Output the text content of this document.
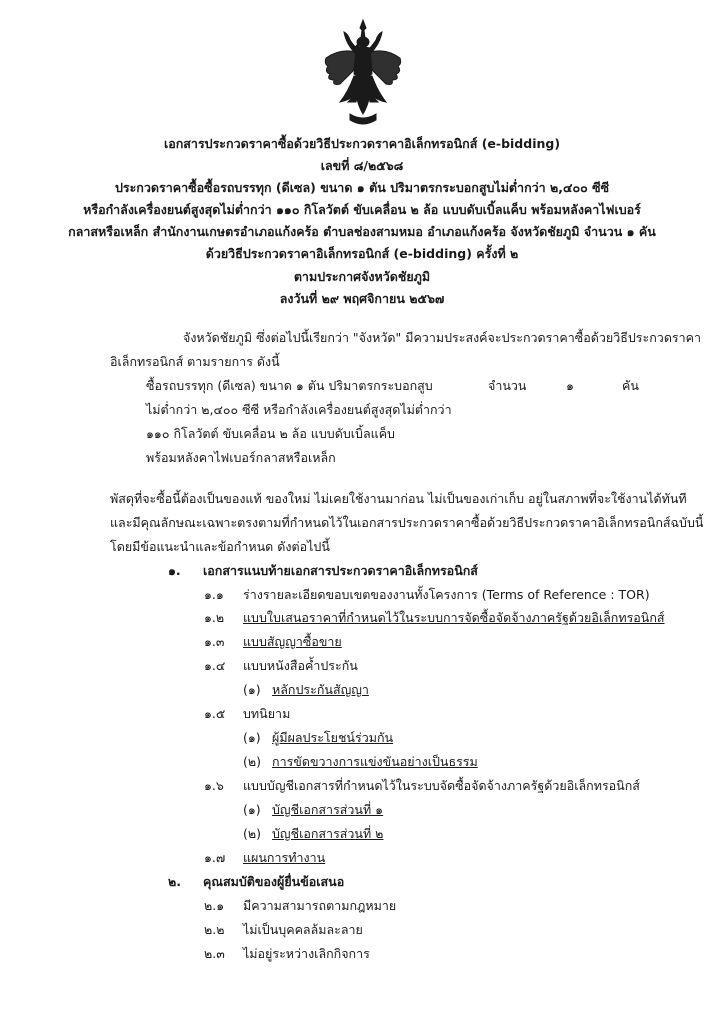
เอกสารประกวดราคาซื้อด้วยวิธีประกวดราคาอิเล็กทรอนิกส์ (e-bidding)
เลขที่ ๘/๒๕๖๘
ประกวดราคาซื้อซื้อรถบรรทุก (ดีเซล) ขนาด ๑ ตัน ปริมาตรกระบอกสูบไม่ต่ำกว่า ๒,๔๐๐ ซีซี
หรือกำลังเครื่องยนต์สูงสุดไม่ต่ำกว่า ๑๑๐ กิโลวัตต์ ขับเคลื่อน ๒ ล้อ แบบดับเบิ้ลแค็บ พร้อมหลังคาไฟเบอร์
กลาสหรือเหล็ก สำนักงานเกษตรอำเภอแก้งคร้อ ตำบลช่องสามหมอ อำเภอแก้งคร้อ จังหวัดชัยภูมิ จำนวน ๑ คัน
ด้วยวิธีประกวดราคาอิเล็กทรอนิกส์ (e-bidding) ครั้งที่ ๒
ตามประกาศจังหวัดชัยภูมิ
ลงวันที่ ๒๙ พฤศจิกายน ๒๕๖๗
จังหวัดชัยภูมิ ซึ่งต่อไปนี้เรียกว่า "จังหวัด" มีความประสงค์จะประกวดราคาซื้อด้วยวิธีประกวดราคา
อิเล็กทรอนิกส์ ตามรายการ ดังนี้
ซื้อรถบรรทุก (ดีเซล) ขนาด ๑ ตัน ปริมาตรกระบอกสูบ
ไม่ต่ำกว่า ๒,๔๐๐ ซีซี หรือกำลังเครื่องยนต์สูงสุดไม่ต่ำกว่า
๑๑๐ กิโลวัตต์ ขับเคลื่อน ๒ ล้อ แบบดับเบิ้ลแค็บ
พร้อมหลังคาไฟเบอร์กลาสหรือเหล็ก
จำนวน	๑	คัน
พัสดุที่จะซื้อนี้ต้องเป็นของแท้ ของใหม่ ไม่เคยใช้งานมาก่อน ไม่เป็นของเก่าเก็บ อยู่ในสภาพที่จะใช้งานได้ทันที
และมีคุณลักษณะเฉพาะตรงตามที่กำหนดไว้ในเอกสารประกวดราคาซื้อด้วยวิธีประกวดราคาอิเล็กทรอนิกส์ฉบับนี้
โดยมีข้อแนะนำและข้อกำหนด ดังต่อไปนี้
๑. เอกสารแนบท้ายเอกสารประกวดราคาอิเล็กทรอนิกส์
๑.๑ ร่างรายละเอียดขอบเขตของงานทั้งโครงการ (Terms of Reference : TOR)
๑.๒ แบบใบเสนอราคาที่กำหนดไว้ในระบบการจัดซื้อจัดจ้างภาครัฐด้วยอิเล็กทรอนิกส์
๑.๓ แบบสัญญาซื้อขาย
๑.๔ แบบหนังสือค้ำประกัน
(๑) หลักประกันสัญญา
๑.๕ บทนิยาม
(๑) ผู้มีผลประโยชน์ร่วมกัน
(๒) การขัดขวางการแข่งขันอย่างเป็นธรรม
๑.๖ แบบบัญชีเอกสารที่กำหนดไว้ในระบบจัดซื้อจัดจ้างภาครัฐด้วยอิเล็กทรอนิกส์
(๑) บัญชีเอกสารส่วนที่ ๑
(๒) บัญชีเอกสารส่วนที่ ๒
๑.๗ แผนการทำงาน
๒. คุณสมบัติของผู้ยื่นข้อเสนอ
๒.๑ มีความสามารถตามกฎหมาย
๒.๒ ไม่เป็นบุคคลล้มละลาย
๒.๓ ไม่อยู่ระหว่างเลิกกิจการ
